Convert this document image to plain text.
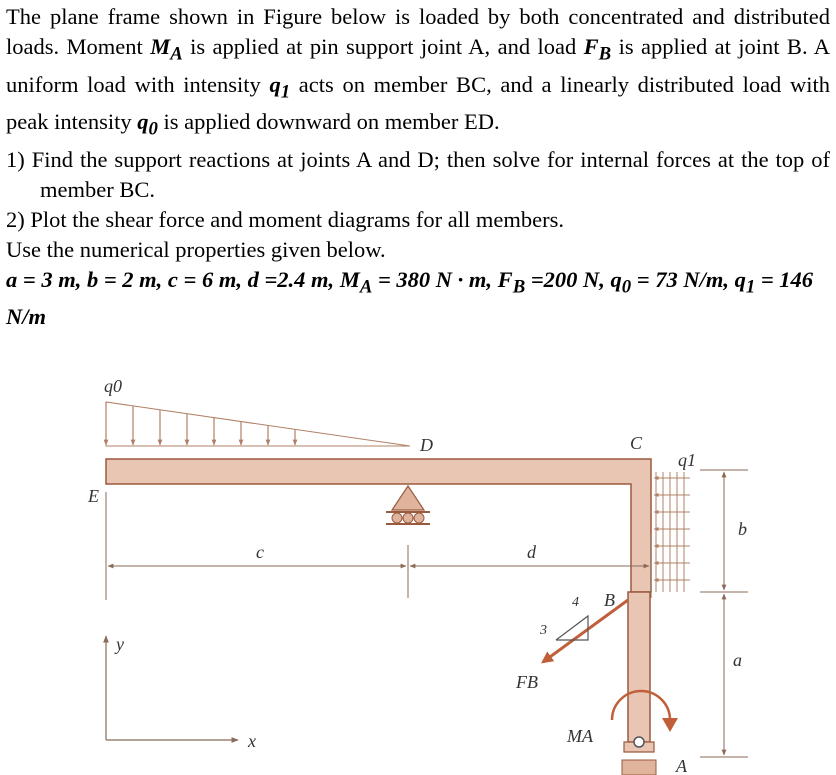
The plane frame shown in Figure below is loaded by both concentrated and distributed loads. Moment $M_A$ is applied at pin support joint A, and load $F_B$ is applied at joint B. A uniform load with intensity $q_1$ acts on member BC, and a linearly distributed load with peak intensity $q_0$ is applied downward on member ED.

1) Find the support reactions at joints A and D; then solve for internal forces at the top of member BC.

2) Plot the shear force and moment diagrams for all members.

Use the numerical properties given below.

a = 3 m, b = 2 m, c = 6 m, d =2.4 m, $M_A = 380$ N · m, $F_B =200$ N, $q_0 = 73$ N/m, $q_1 = 146$ N/m

q0
D	C
q1
E
b
c	d
4 B
3
y
a
FB
MA
x
A
